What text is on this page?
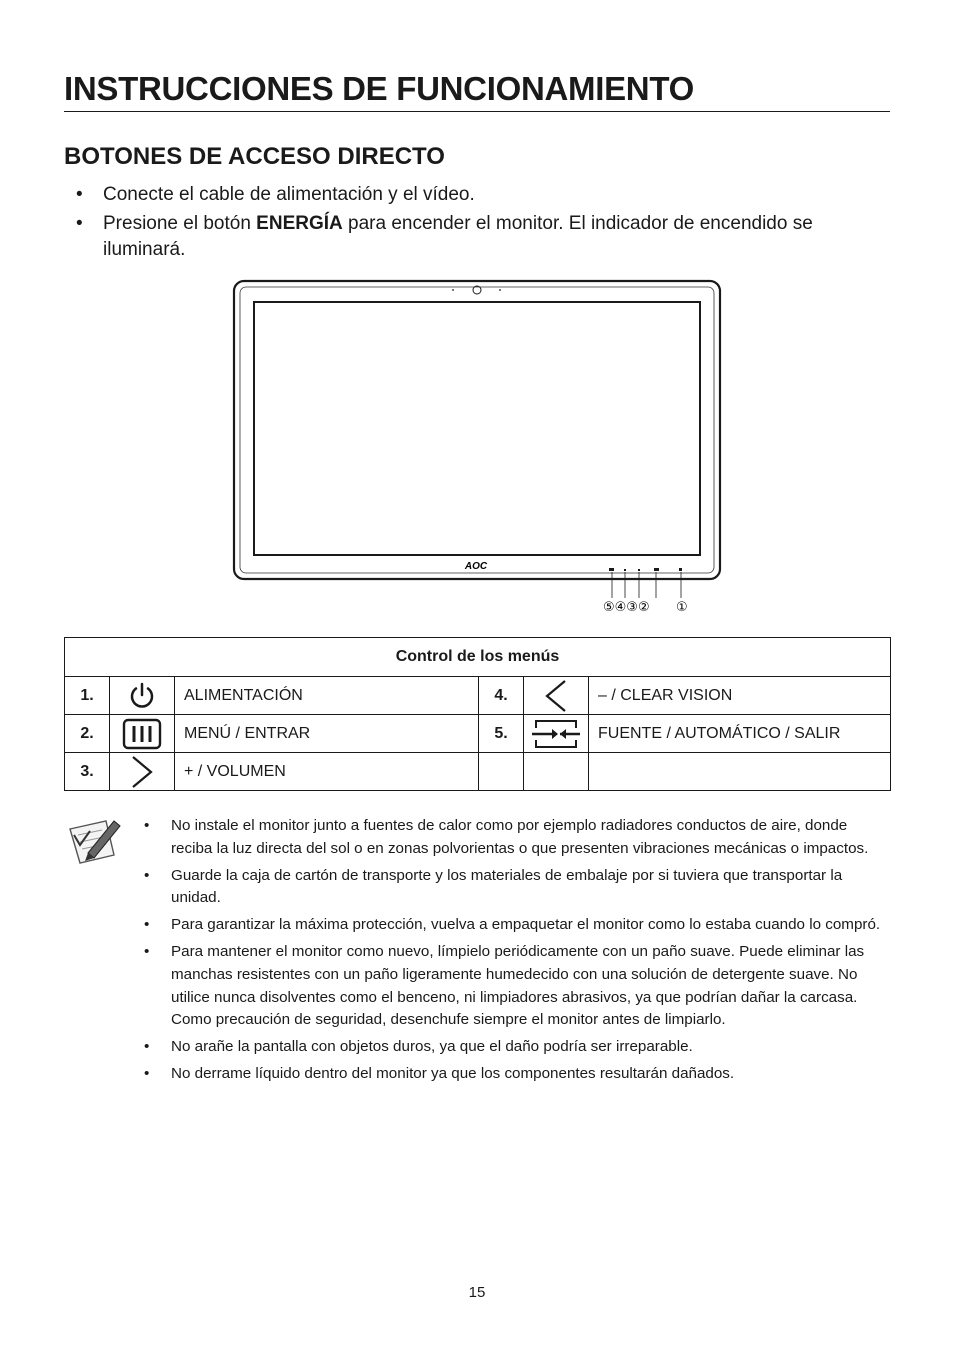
INSTRUCCIONES DE FUNCIONAMIENTO
BOTONES DE ACCESO DIRECTO
• Conecte el cable de alimentación y el vídeo.
• Presione el botón ENERGÍA para encender el monitor. El indicador de encendido se iluminará.
AOC
⑤④③② ①
Control de los menús					
1.		ALIMENTACIÓN	4.		– / CLEAR VISION
2.		MENÚ / ENTRAR	5.		FUENTE / AUTOMÁTICO / SALIR
3.		+ / VOLUMEN			
• No instale el monitor junto a fuentes de calor como por ejemplo radiadores conductos de aire, donde reciba la luz directa del sol o en zonas polvorientas o que presenten vibraciones mecánicas o impactos.
• Guarde la caja de cartón de transporte y los materiales de embalaje por si tuviera que transportar la unidad.
• Para garantizar la máxima protección, vuelva a empaquetar el monitor como lo estaba cuando lo compró.
• Para mantener el monitor como nuevo, límpielo periódicamente con un paño suave. Puede eliminar las manchas resistentes con un paño ligeramente humedecido con una solución de detergente suave. No utilice nunca disolventes como el benceno, ni limpiadores abrasivos, ya que podrían dañar la carcasa. Como precaución de seguridad, desenchufe siempre el monitor antes de limpiarlo.
• No arañe la pantalla con objetos duros, ya que el daño podría ser irreparable.
• No derrame líquido dentro del monitor ya que los componentes resultarán dañados.
15
